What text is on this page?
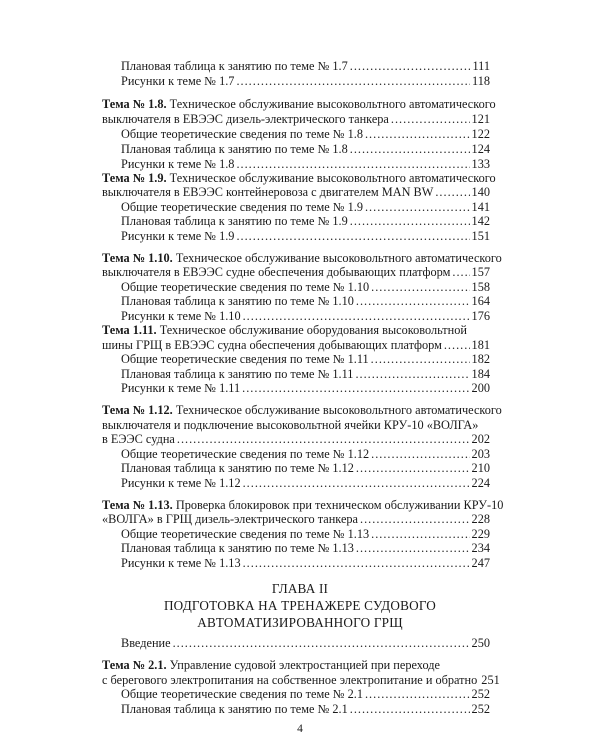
Плановая таблица к занятию по теме № 1.7 .....	111
Рисунки к теме № 1.7 .....	118
Тема № 1.8. Техническое обслуживание высоковольтного автоматического
выключателя в ЕВЭЭС дизель-электрического танкера .....	121
Общие теоретические сведения по теме № 1.8 .....	122
Плановая таблица к занятию по теме № 1.8 .....	124
Рисунки к теме № 1.8 .....	133
Тема № 1.9. Техническое обслуживание высоковольтного автоматического
выключателя в ЕВЭЭС контейнеровоза с двигателем MAN BW .....	140
Общие теоретические сведения по теме № 1.9 .....	141
Плановая таблица к занятию по теме № 1.9 .....	142
Рисунки к теме № 1.9 .....	151
Тема № 1.10. Техническое обслуживание высоковольтного автоматического
выключателя в ЕВЭЭС судне обеспечения добывающих платформ ..... 157
Общие теоретические сведения по теме № 1.10 .....	158
Плановая таблица к занятию по теме № 1.10 .....	164
Рисунки к теме № 1.10 .....	176
Тема 1.11. Техническое обслуживание оборудования высоковольтной
шины ГРЩ в ЕВЭЭС судна обеспечения добывающих платформ ..... 181
Общие теоретические сведения по теме № 1.11 .....	182
Плановая таблица к занятию по теме № 1.11 .....	184
Рисунки к теме № 1.11 .....	200
Тема № 1.12. Техническое обслуживание высоковольтного автоматического
выключателя и подключение высоковольтной ячейки КРУ-10 «ВОЛГА»
в ЕЭЭС судна .....	202
Общие теоретические сведения по теме № 1.12 .....	203
Плановая таблица к занятию по теме № 1.12 .....	210
Рисунки к теме № 1.12 .....	224
Тема № 1.13. Проверка блокировок при техническом обслуживании КРУ-10
«ВОЛГА» в ГРЩ дизель-электрического танкера .....	228
Общие теоретические сведения по теме № 1.13 .....	229
Плановая таблица к занятию по теме № 1.13 .....	234
Рисунки к теме № 1.13 .....	247
ГЛАВА II
ПОДГОТОВКА НА ТРЕНАЖЕРЕ СУДОВОГО
АВТОМАТИЗИРОВАННОГО ГРЩ
Введение .....	250
Тема № 2.1. Управление судовой электростанцией при переходе
с берегового электропитания на собственное электропитание и обратно 251
Общие теоретические сведения по теме № 2.1 .....	252
Плановая таблица к занятию по теме № 2.1 .....	252
4
